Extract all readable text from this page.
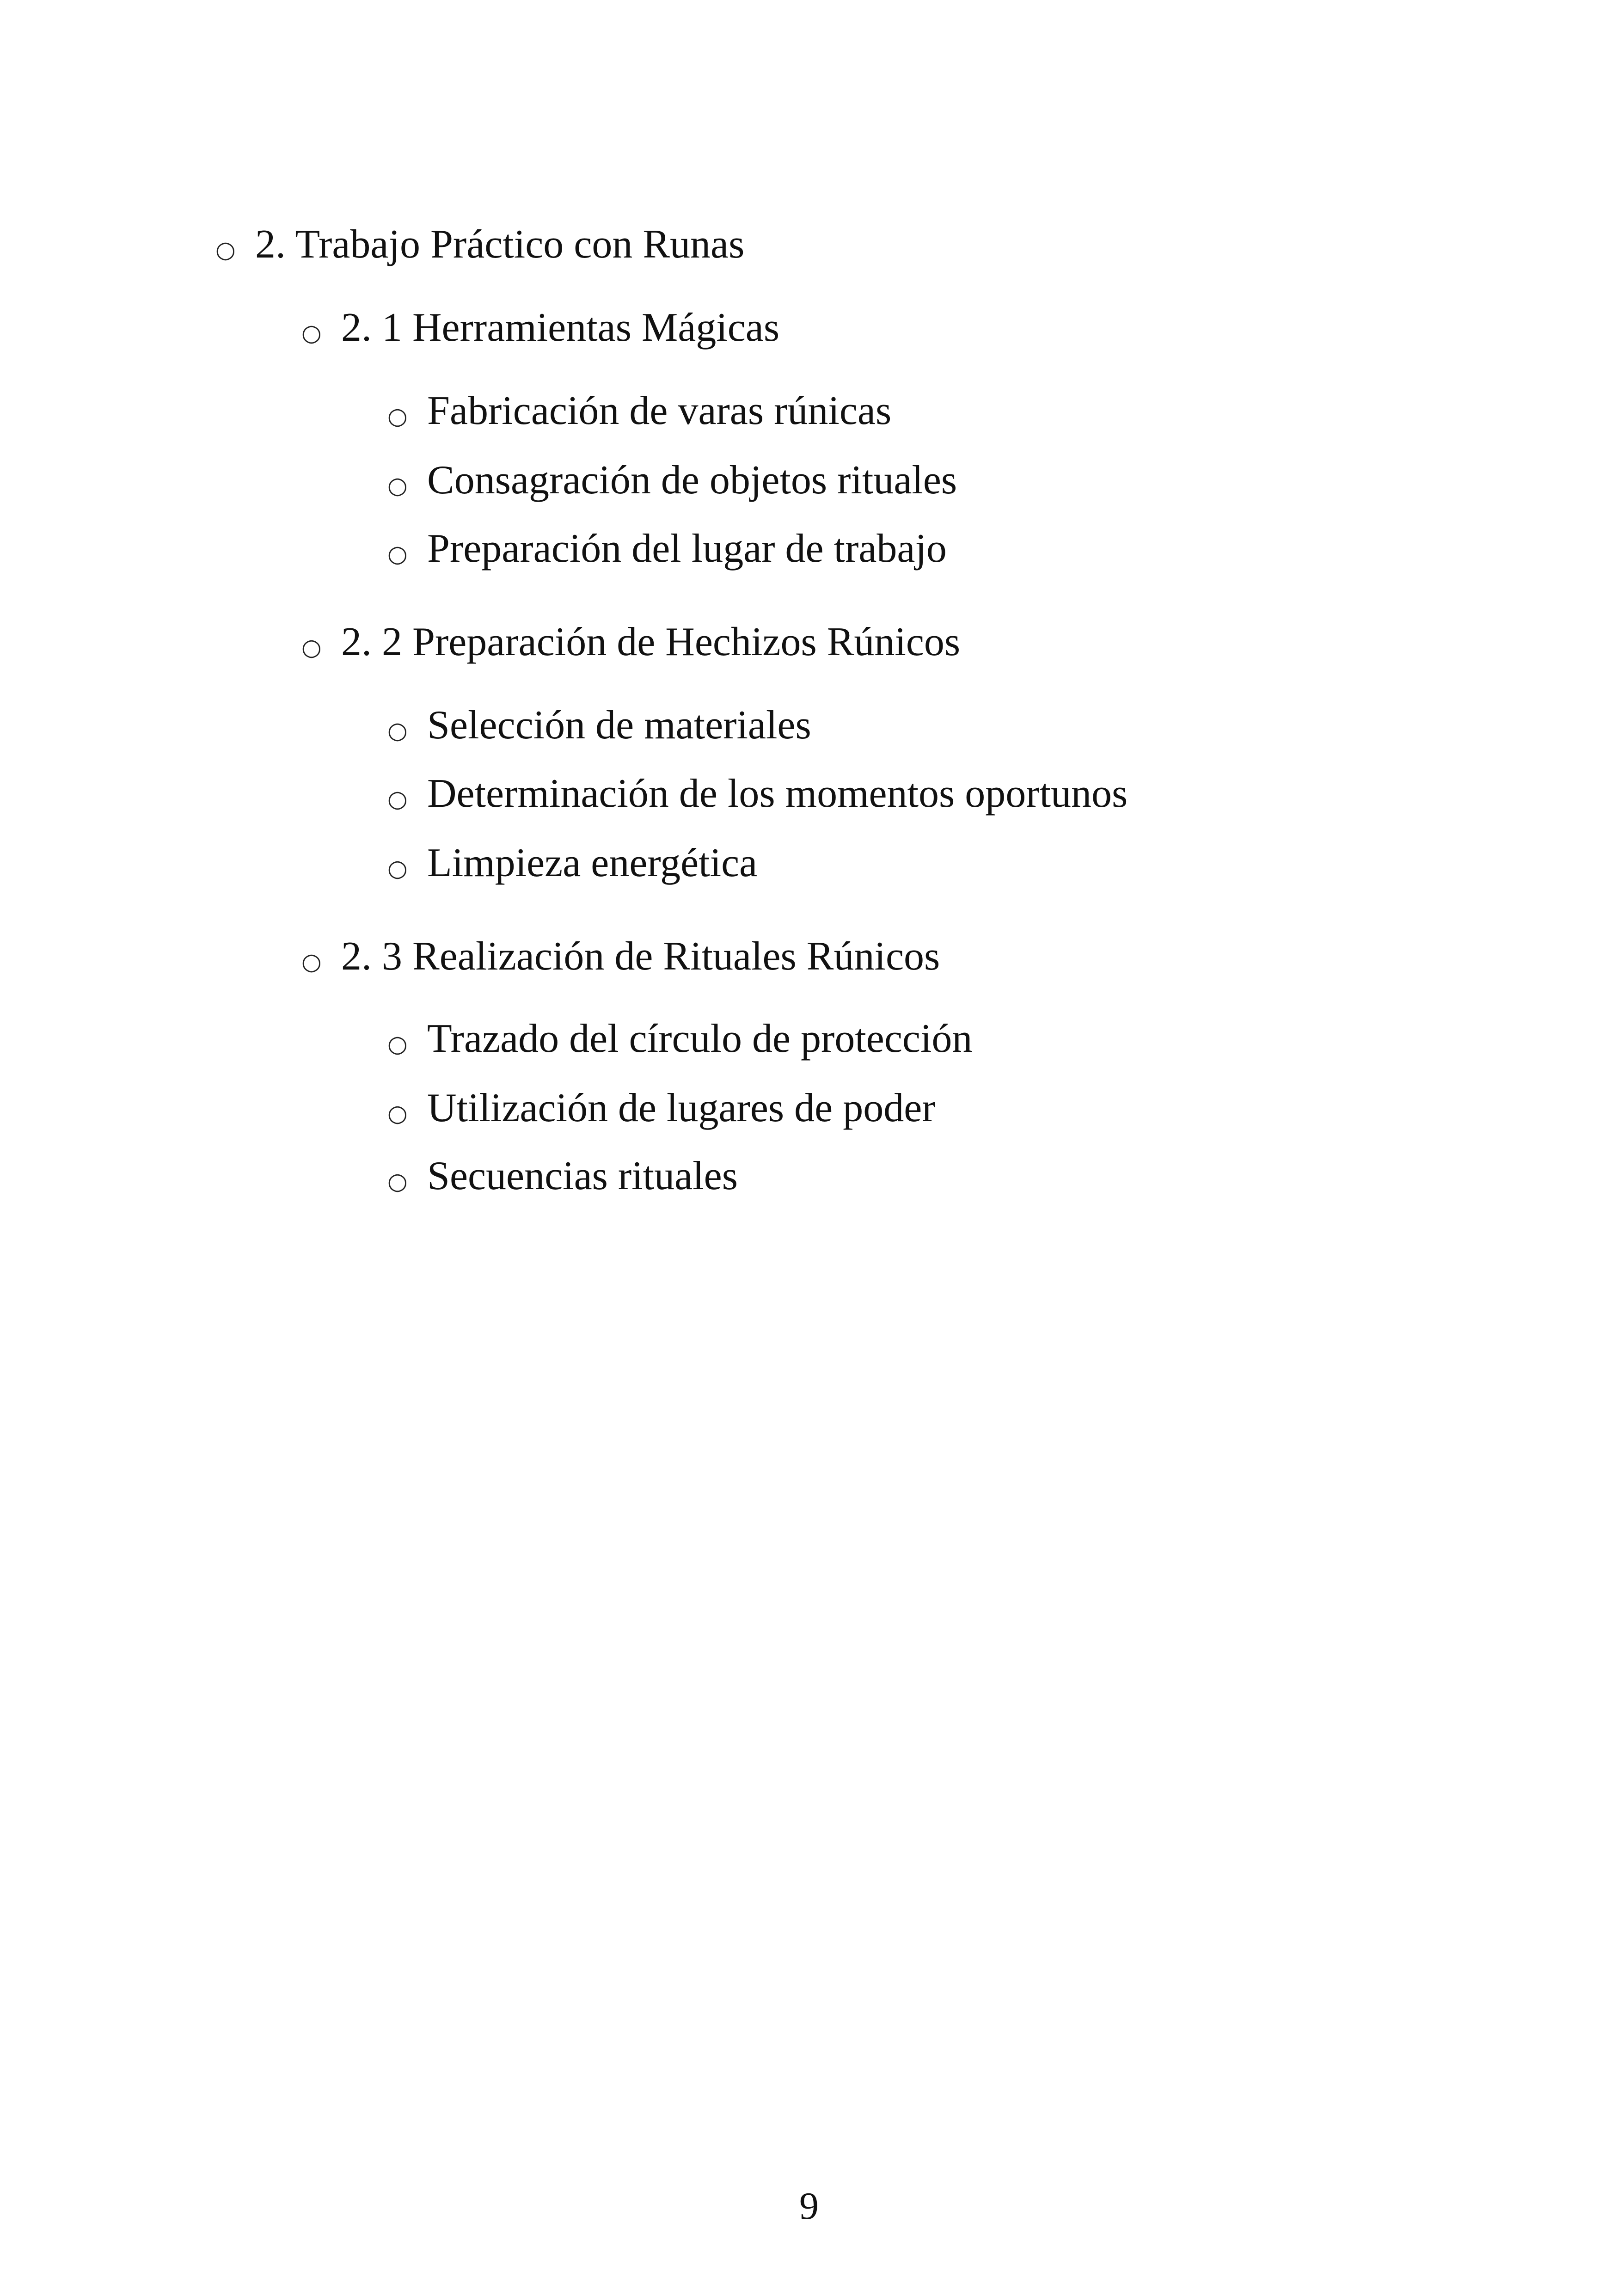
○ 2. Trabajo Práctico con Runas
○ 2. 1 Herramientas Mágicas
○ Fabricación de varas rúnicas
○ Consagración de objetos rituales
○ Preparación del lugar de trabajo
○ 2. 2 Preparación de Hechizos Rúnicos
○ Selección de materiales
○ Determinación de los momentos oportunos
○ Limpieza energética
○ 2. 3 Realización de Rituales Rúnicos
○ Trazado del círculo de protección
○ Utilización de lugares de poder
○ Secuencias rituales
9
